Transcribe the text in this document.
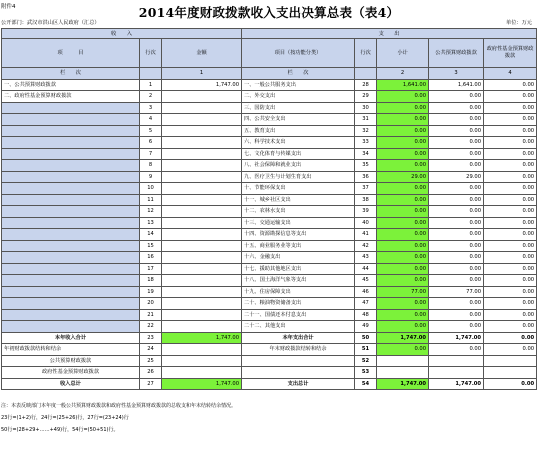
附件4	2014年度财政拨款收入支出决算总表（表4）
公开部门：武汉市洪山区人民政府（汇总）	单位：万元
收　　入			支　　出				
项　　　目	行次	金额	项目（按功能分类）	行次	小计	公共预算财政拨款	政府性基金预算财政拨款
栏　　次		1	栏　　次		2	3	4
一、公共预算财政拨款	1	1,747.00	一、一般公共服务支出	28	1,641.00	1,641.00	0.00
二、政府性基金预算财政拨款	2		二、外交支出	29	0.00	0.00	0.00
	3		三、国防支出	30	0.00	0.00	0.00
	4		四、公共安全支出	31	0.00	0.00	0.00
	5		五、教育支出	32	0.00	0.00	0.00
	6		六、科学技术支出	33	0.00	0.00	0.00
	7		七、文化体育与传媒支出	34	0.00	0.00	0.00
	8		八、社会保障和就业支出	35	0.00	0.00	0.00
	9		九、医疗卫生与计划生育支出	36	29.00	29.00	0.00
	10		十、节能环保支出	37	0.00	0.00	0.00
	11		十一、城乡社区支出	38	0.00	0.00	0.00
	12		十二、农林水支出	39	0.00	0.00	0.00
	13		十三、交通运输支出	40	0.00	0.00	0.00
	14		十四、资源勘探信息等支出	41	0.00	0.00	0.00
	15		十五、商业服务业等支出	42	0.00	0.00	0.00
	16		十六、金融支出	43	0.00	0.00	0.00
	17		十七、援助其他地区支出	44	0.00	0.00	0.00
	18		十八、国土海洋气象等支出	45	0.00	0.00	0.00
	19		十九、住房保障支出	46	77.00	77.00	0.00
	20		二十、粮油物资储备支出	47	0.00	0.00	0.00
	21		二十一、国债还本付息支出	48	0.00	0.00	0.00
	22		二十二、其他支出	49	0.00	0.00	0.00
本年收入合计	23	1,747.00	本年支出合计	50	1,747.00	1,747.00	0.00
年初财政拨款结转和结余	24		年末财政拨款结转和结余	51	0.00	0.00	0.00
公共预算财政拨款	25			52			
政府性基金预算财政拨款	26			53			
收入总计	27	1,747.00	支出总计	54	1,747.00	1,747.00	0.00
注：本表反映部门本年度一般公共预算财政拨款和政府性基金预算财政拨款的总收支和年末结转结余情况。
23行=(1+2)行，24行=(25+26)行，27行=(23+24)行
50行=(28+29+……+49)行，54行=(50+51)行。
